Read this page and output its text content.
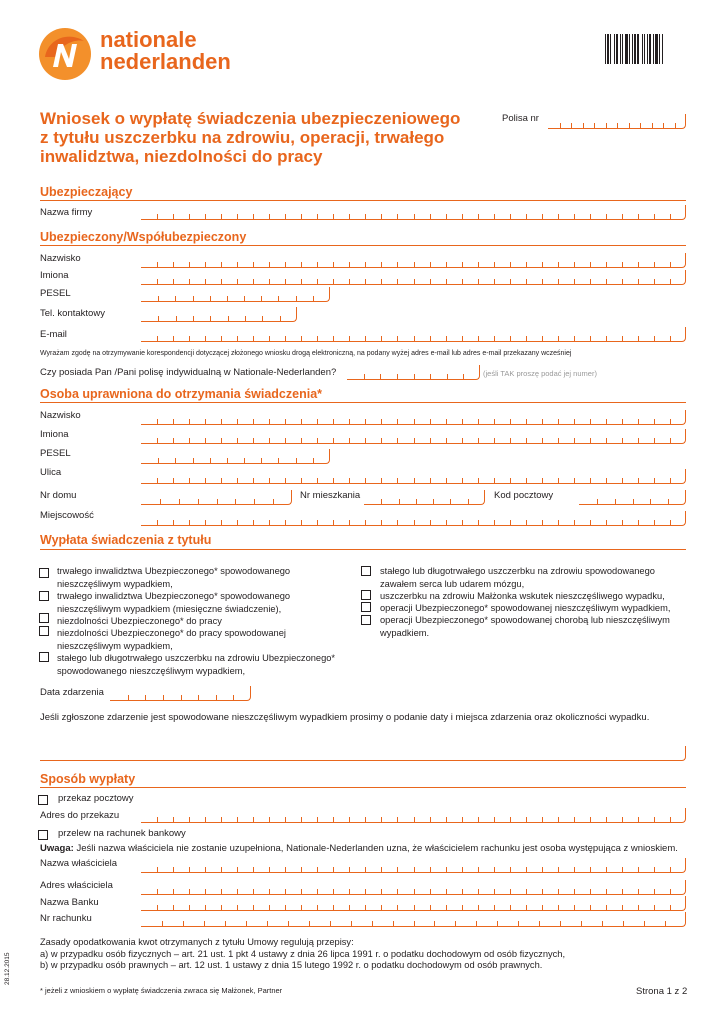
nationale
nederlanden
Wniosek o wypłatę świadczenia ubezpieczeniowego
z tytułu uszczerbku na zdrowiu, operacji, trwałego
inwalidztwa, niezdolności do pracy
Polisa nr
Ubezpieczający
Nazwa firmy
Ubezpieczony/Współubezpieczony
Nazwisko
Imiona
PESEL
Tel. kontaktowy
E-mail
Wyrażam zgodę na otrzymywanie korespondencji dotyczącej złożonego wniosku drogą elektroniczną, na podany wyżej adres e-mail lub adres e-mail przekazany wcześniej
Czy posiada Pan /Pani polisę indywidualną w Nationale-Nederlanden?	(jeśli TAK proszę podać jej numer)
Osoba uprawniona do otrzymania świadczenia*
Nazwisko
Imiona
PESEL
Ulica
Nr domu	Nr mieszkania	Kod pocztowy
Miejscowość
Wypłata świadczenia z tytułu
trwałego inwalidztwa Ubezpieczonego* spowodowanego
nieszczęśliwym wypadkiem,
trwałego inwalidztwa Ubezpieczonego* spowodowanego
nieszczęśliwym wypadkiem (miesięczne świadczenie),
niezdolności Ubezpieczonego* do pracy
niezdolności Ubezpieczonego* do pracy spowodowanej
nieszczęśliwym wypadkiem,
stałego lub długotrwałego uszczerbku na zdrowiu Ubezpieczonego*
spowodowanego nieszczęśliwym wypadkiem,
stałego lub długotrwałego uszczerbku na zdrowiu spowodowanego
zawałem serca lub udarem mózgu,
uszczerbku na zdrowiu Małżonka wskutek nieszczęśliwego wypadku,
operacji Ubezpieczonego* spowodowanej nieszczęśliwym wypadkiem,
operacji Ubezpieczonego* spowodowanej chorobą lub nieszczęśliwym
wypadkiem.
Data zdarzenia
Jeśli zgłoszone zdarzenie jest spowodowane nieszczęśliwym wypadkiem prosimy o podanie daty i miejsca zdarzenia oraz okoliczności wypadku.
Sposób wypłaty
przekaz pocztowy
Adres do przekazu
przelew na rachunek bankowy
Uwaga: Jeśli nazwa właściciela nie zostanie uzupełniona, Nationale-Nederlanden uzna, że właścicielem rachunku jest osoba występująca z wnioskiem.
Nazwa właściciela
Adres właściciela
Nazwa Banku
Nr rachunku
Zasady opodatkowania kwot otrzymanych z tytułu Umowy regulują przepisy:
a) w przypadku osób fizycznych – art. 21 ust. 1 pkt 4 ustawy z dnia 26 lipca 1991 r. o podatku dochodowym od osób fizycznych,
b) w przypadku osób prawnych – art. 12 ust. 1 ustawy z dnia 15 lutego 1992 r. o podatku dochodowym od osób prawnych.
* jeżeli z wnioskiem o wypłatę świadczenia zwraca się Małżonek, Partner	Strona 1 z 2
28.12.2015
